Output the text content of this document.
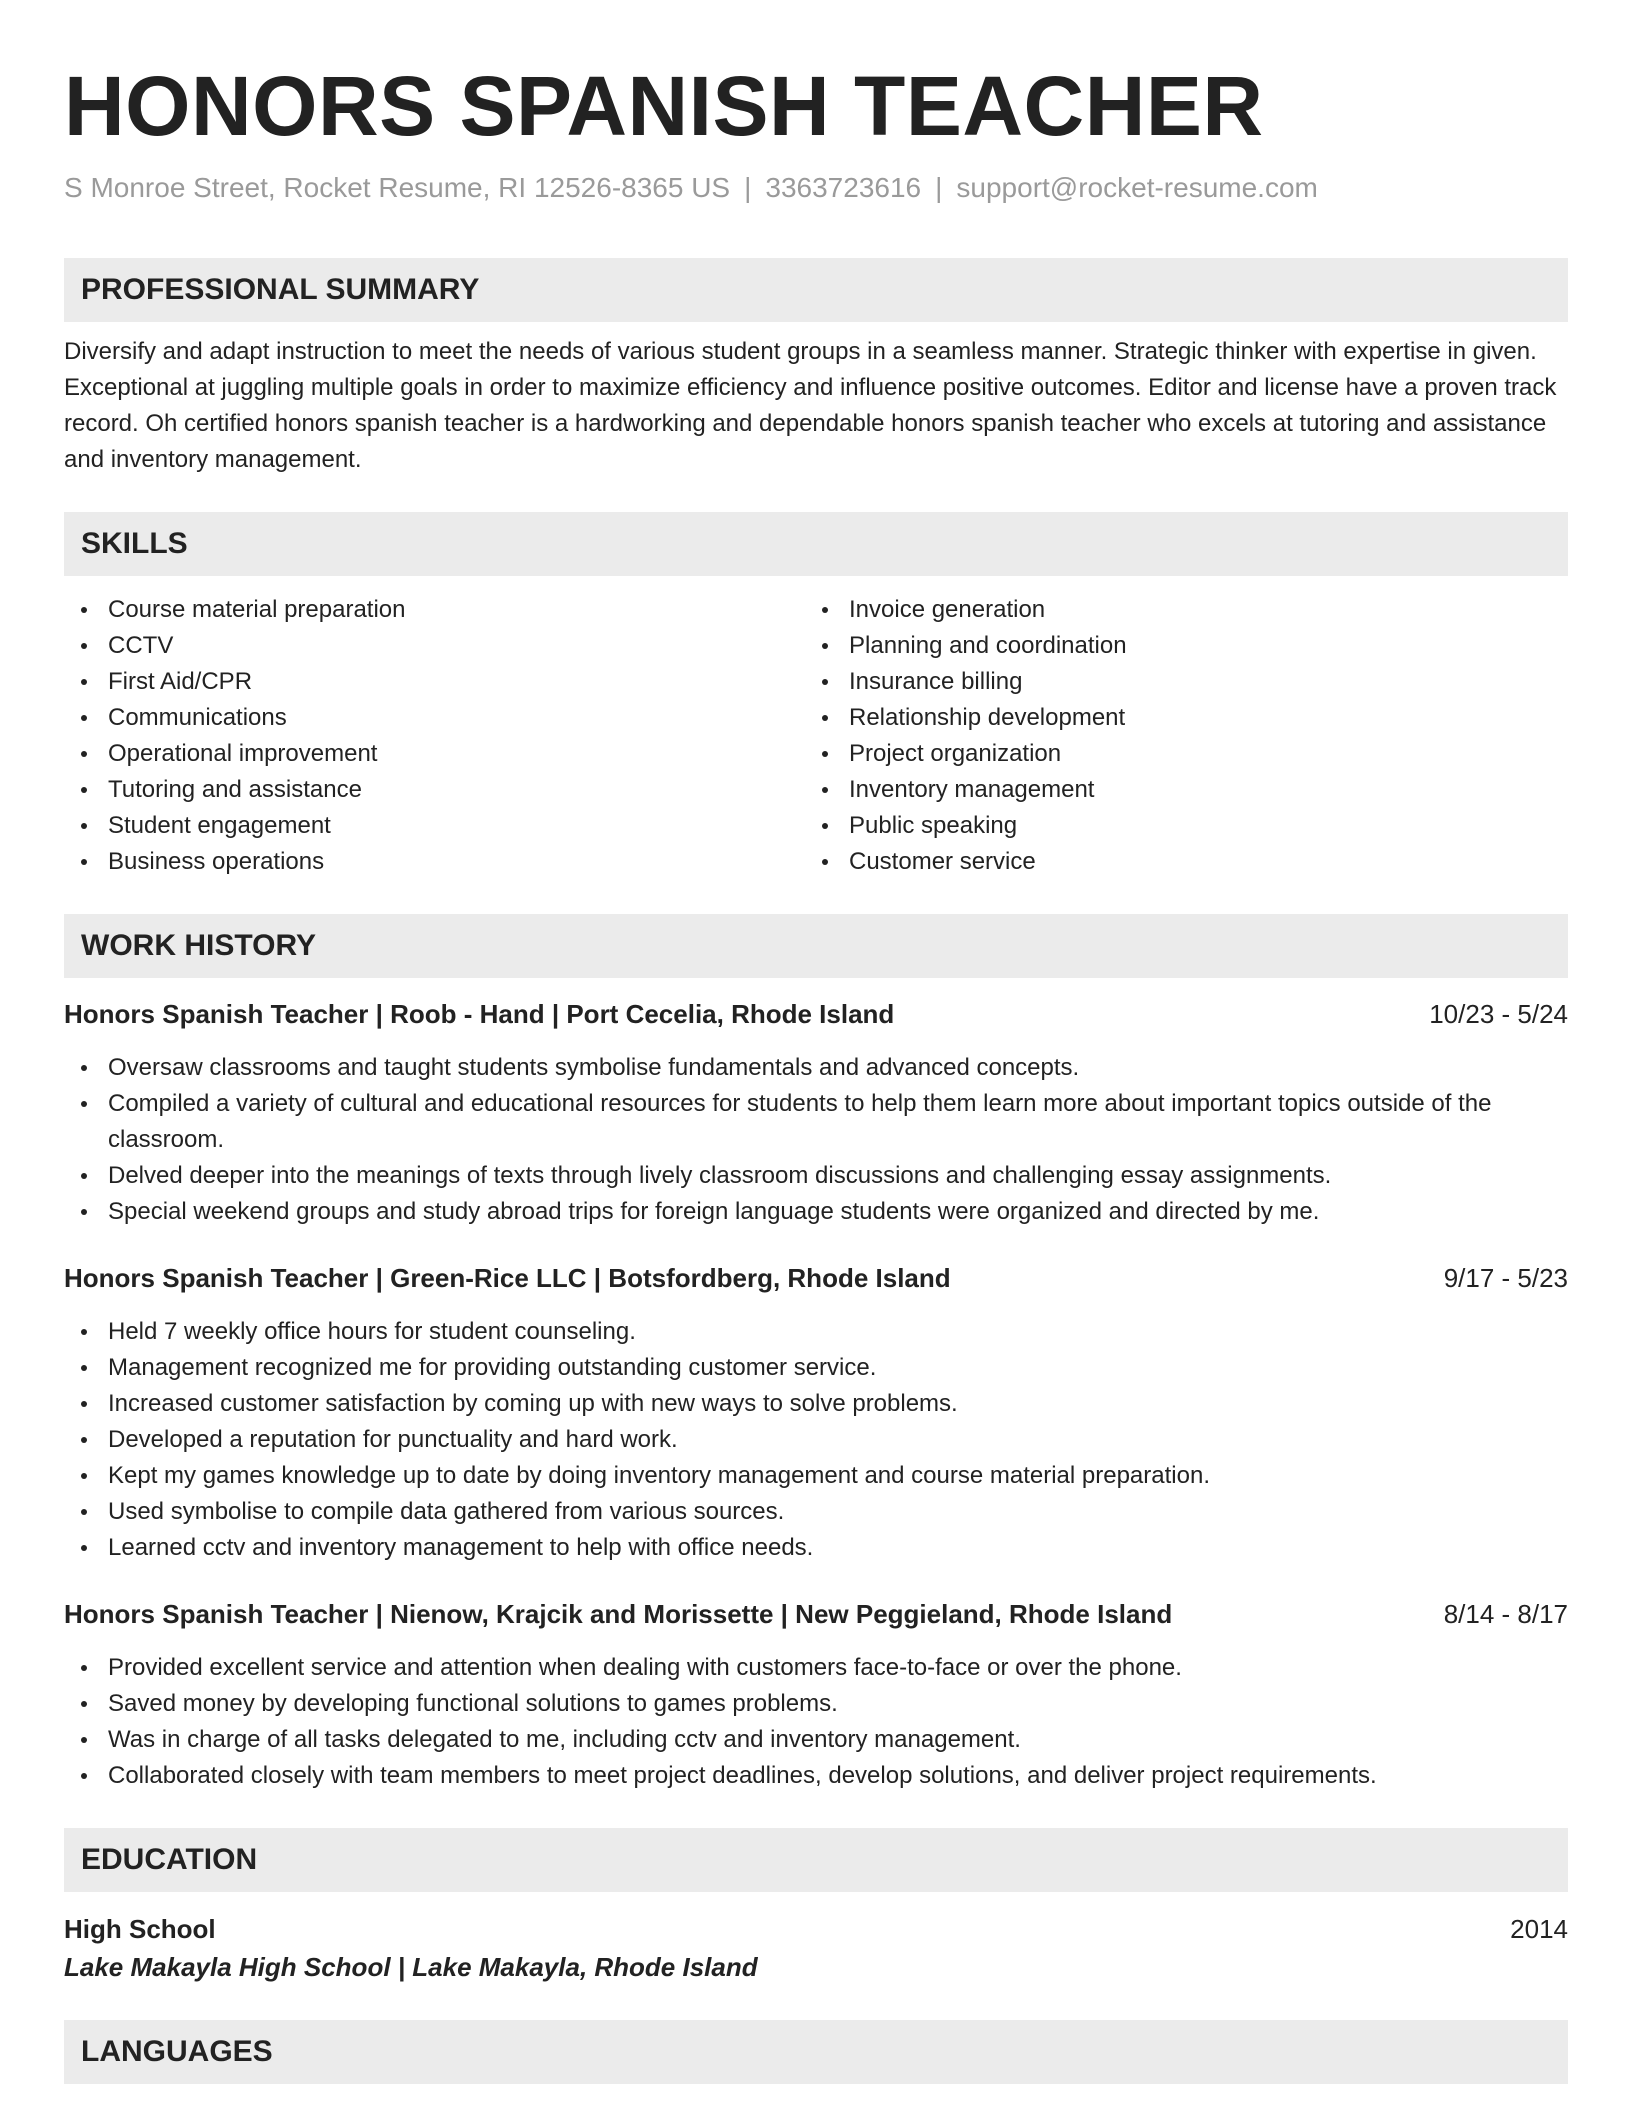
HONORS SPANISH TEACHER
S Monroe Street, Rocket Resume, RI 12526-8365 US | 3363723616 | support@rocket-resume.com
PROFESSIONAL SUMMARY
Diversify and adapt instruction to meet the needs of various student groups in a seamless manner. Strategic thinker with expertise in given. Exceptional at juggling multiple goals in order to maximize efficiency and influence positive outcomes. Editor and license have a proven track record. Oh certified honors spanish teacher is a hardworking and dependable honors spanish teacher who excels at tutoring and assistance and inventory management.
SKILLS
Course material preparation
CCTV
First Aid/CPR
Communications
Operational improvement
Tutoring and assistance
Student engagement
Business operations
Invoice generation
Planning and coordination
Insurance billing
Relationship development
Project organization
Inventory management
Public speaking
Customer service
WORK HISTORY
Honors Spanish Teacher | Roob - Hand | Port Cecelia, Rhode Island	10/23 - 5/24
Oversaw classrooms and taught students symbolise fundamentals and advanced concepts.
Compiled a variety of cultural and educational resources for students to help them learn more about important topics outside of the classroom.
Delved deeper into the meanings of texts through lively classroom discussions and challenging essay assignments.
Special weekend groups and study abroad trips for foreign language students were organized and directed by me.
Honors Spanish Teacher | Green-Rice LLC | Botsfordberg, Rhode Island	9/17 - 5/23
Held 7 weekly office hours for student counseling.
Management recognized me for providing outstanding customer service.
Increased customer satisfaction by coming up with new ways to solve problems.
Developed a reputation for punctuality and hard work.
Kept my games knowledge up to date by doing inventory management and course material preparation.
Used symbolise to compile data gathered from various sources.
Learned cctv and inventory management to help with office needs.
Honors Spanish Teacher | Nienow, Krajcik and Morissette | New Peggieland, Rhode Island	8/14 - 8/17
Provided excellent service and attention when dealing with customers face-to-face or over the phone.
Saved money by developing functional solutions to games problems.
Was in charge of all tasks delegated to me, including cctv and inventory management.
Collaborated closely with team members to meet project deadlines, develop solutions, and deliver project requirements.
EDUCATION
High School	2014
Lake Makayla High School | Lake Makayla, Rhode Island
LANGUAGES
